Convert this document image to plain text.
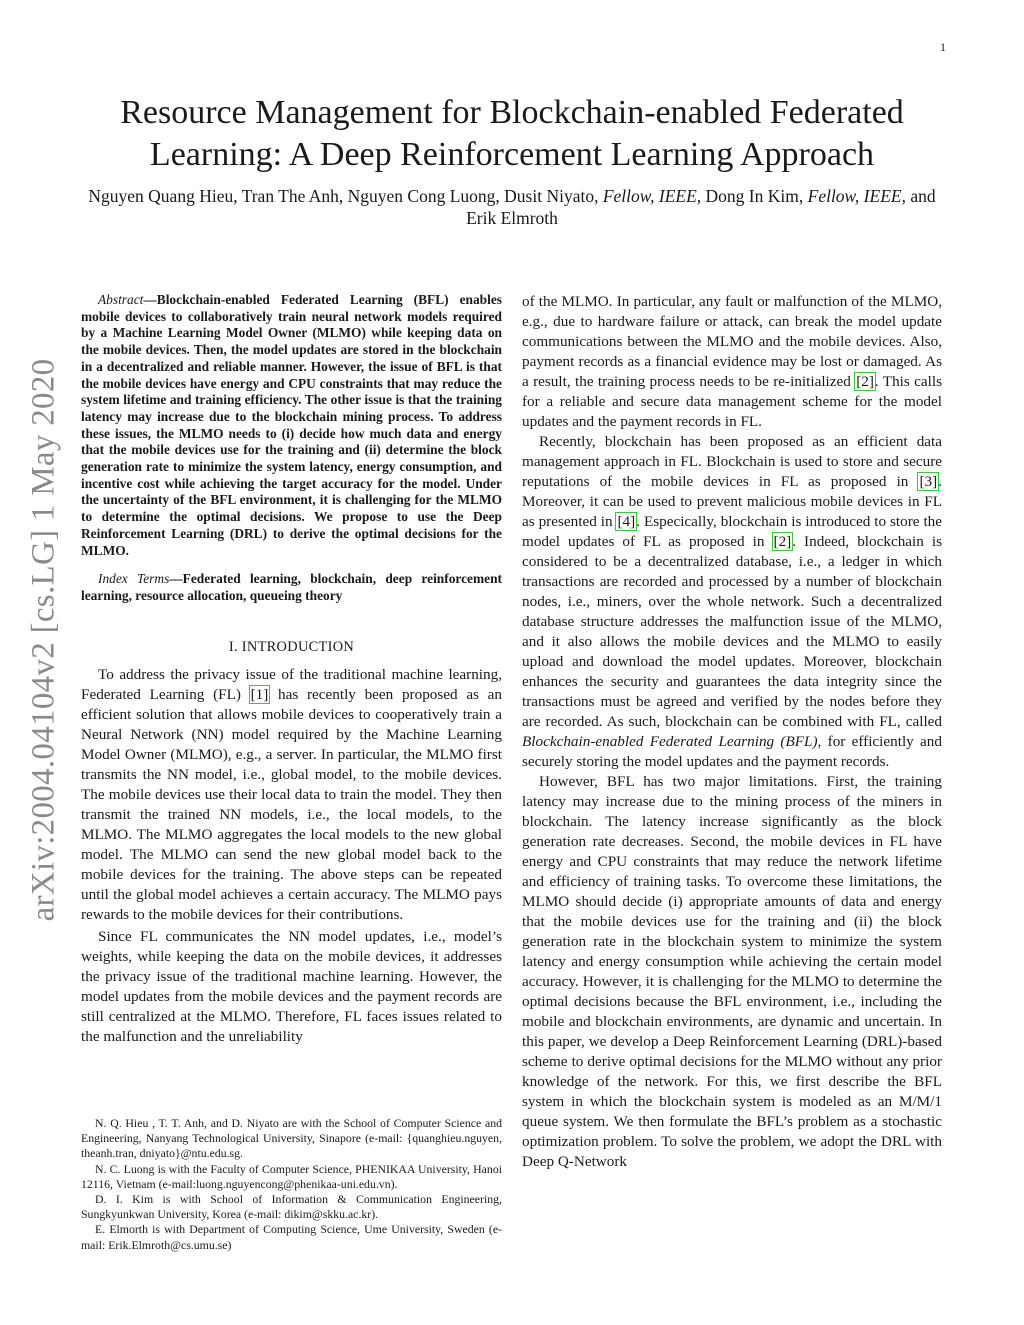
1
arXiv:2004.04104v2 [cs.LG] 1 May 2020
Resource Management for Blockchain-enabled Federated
Learning: A Deep Reinforcement Learning Approach

Nguyen Quang Hieu, Tran The Anh, Nguyen Cong Luong, Dusit Niyato, Fellow, IEEE, Dong In Kim, Fellow, IEEE, and Erik Elmroth

Abstract—Blockchain-enabled Federated Learning (BFL) enables mobile devices to collaboratively train neural network models required by a Machine Learning Model Owner (MLMO) while keeping data on the mobile devices. Then, the model updates are stored in the blockchain in a decentralized and reliable manner. However, the issue of BFL is that the mobile devices have energy and CPU constraints that may reduce the system lifetime and training efficiency. The other issue is that the training latency may increase due to the blockchain mining process. To address these issues, the MLMO needs to (i) decide how much data and energy that the mobile devices use for the training and (ii) determine the block generation rate to minimize the system latency, energy consumption, and incentive cost while achieving the target accuracy for the model. Under the uncertainty of the BFL environment, it is challenging for the MLMO to determine the optimal decisions. We propose to use the Deep Reinforcement Learning (DRL) to derive the optimal decisions for the MLMO.

Index Terms—Federated learning, blockchain, deep reinforcement learning, resource allocation, queueing theory

I. INTRODUCTION

To address the privacy issue of the traditional machine learning, Federated Learning (FL) [1] has recently been proposed as an efficient solution that allows mobile devices to cooperatively train a Neural Network (NN) model required by the Machine Learning Model Owner (MLMO), e.g., a server. In particular, the MLMO first transmits the NN model, i.e., global model, to the mobile devices. The mobile devices use their local data to train the model. They then transmit the trained NN models, i.e., the local models, to the MLMO. The MLMO aggregates the local models to the new global model. The MLMO can send the new global model back to the mobile devices for the training. The above steps can be repeated until the global model achieves a certain accuracy. The MLMO pays rewards to the mobile devices for their contributions.

Since FL communicates the NN model updates, i.e., model’s weights, while keeping the data on the mobile devices, it addresses the privacy issue of the traditional machine learning. However, the model updates from the mobile devices and the payment records are still centralized at the MLMO. Therefore, FL faces issues related to the malfunction and the unreliability

N. Q. Hieu , T. T. Anh, and D. Niyato are with the School of Computer Science and Engineering, Nanyang Technological University, Sinapore (e-mail: {quanghieu.nguyen, theanh.tran, dniyato}@ntu.edu.sg.

N. C. Luong is with the Faculty of Computer Science, PHENIKAA University, Hanoi 12116, Vietnam (e-mail:luong.nguyencong@phenikaa-uni.edu.vn).

D. I. Kim is with School of Information & Communication Engineering, Sungkyunkwan University, Korea (e-mail: dikim@skku.ac.kr).

E. Elmorth is with Department of Computing Science, Ume University, Sweden (e-mail: Erik.Elmroth@cs.umu.se)

of the MLMO. In particular, any fault or malfunction of the MLMO, e.g., due to hardware failure or attack, can break the model update communications between the MLMO and the mobile devices. Also, payment records as a financial evidence may be lost or damaged. As a result, the training process needs to be re-initialized [2]. This calls for a reliable and secure data management scheme for the model updates and the payment records in FL.

Recently, blockchain has been proposed as an efficient data management approach in FL. Blockchain is used to store and secure reputations of the mobile devices in FL as proposed in [3]. Moreover, it can be used to prevent malicious mobile devices in FL as presented in [4]. Especically, blockchain is introduced to store the model updates of FL as proposed in [2]. Indeed, blockchain is considered to be a decentralized database, i.e., a ledger in which transactions are recorded and processed by a number of blockchain nodes, i.e., miners, over the whole network. Such a decentralized database structure addresses the malfunction issue of the MLMO, and it also allows the mobile devices and the MLMO to easily upload and download the model updates. Moreover, blockchain enhances the security and guarantees the data integrity since the transactions must be agreed and verified by the nodes before they are recorded. As such, blockchain can be combined with FL, called Blockchain-enabled Federated Learning (BFL), for efficiently and securely storing the model updates and the payment records.

However, BFL has two major limitations. First, the training latency may increase due to the mining process of the miners in blockchain. The latency increase significantly as the block generation rate decreases. Second, the mobile devices in FL have energy and CPU constraints that may reduce the network lifetime and efficiency of training tasks. To overcome these limitations, the MLMO should decide (i) appropriate amounts of data and energy that the mobile devices use for the training and (ii) the block generation rate in the blockchain system to minimize the system latency and energy consumption while achieving the certain model accuracy. However, it is challenging for the MLMO to determine the optimal decisions because the BFL environment, i.e., including the mobile and blockchain environments, are dynamic and uncertain. In this paper, we develop a Deep Reinforcement Learning (DRL)-based scheme to derive optimal decisions for the MLMO without any prior knowledge of the network. For this, we first describe the BFL system in which the blockchain system is modeled as an M/M/1 queue system. We then formulate the BFL’s problem as a stochastic optimization problem. To solve the problem, we adopt the DRL with Deep Q-Network
